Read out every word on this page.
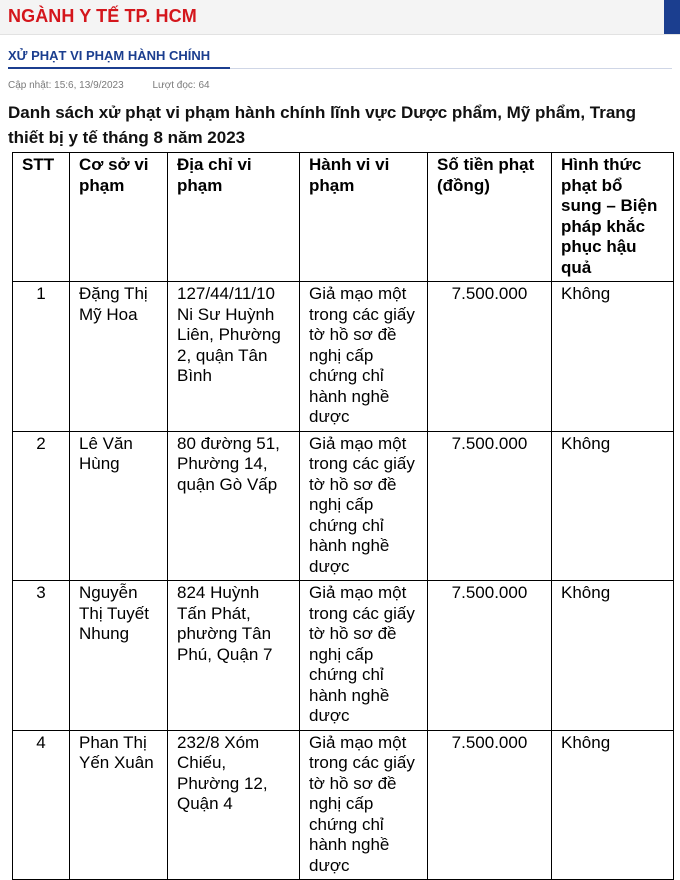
NGÀNH Y TẾ TP. HCM
XỬ PHẠT VI PHẠM HÀNH CHÍNH
Cập nhật: 15:6, 13/9/2023	Lượt đọc: 64
Danh sách xử phạt vi phạm hành chính lĩnh vực Dược phẩm, Mỹ phẩm, Trang thiết bị y tế tháng 8 năm 2023
STT	Cơ sở vi phạm	Địa chỉ vi phạm	Hành vi vi phạm	Số tiền phạt (đồng)	Hình thức phạt bổ sung – Biện pháp khắc phục hậu quả
1	Đặng Thị Mỹ Hoa	127/44/11/10 Ni Sư Huỳnh Liên, Phường 2, quận Tân Bình	Giả mạo một trong các giấy tờ hồ sơ đề nghị cấp chứng chỉ hành nghề dược	7.500.000	Không
2	Lê Văn Hùng	80 đường 51, Phường 14, quận Gò Vấp	Giả mạo một trong các giấy tờ hồ sơ đề nghị cấp chứng chỉ hành nghề dược	7.500.000	Không
3	Nguyễn Thị Tuyết Nhung	824 Huỳnh Tấn Phát, phường Tân Phú, Quận 7	Giả mạo một trong các giấy tờ hồ sơ đề nghị cấp chứng chỉ hành nghề dược	7.500.000	Không
4	Phan Thị Yến Xuân	232/8 Xóm Chiếu, Phường 12, Quận 4	Giả mạo một trong các giấy tờ hồ sơ đề nghị cấp chứng chỉ hành nghề dược	7.500.000	Không
